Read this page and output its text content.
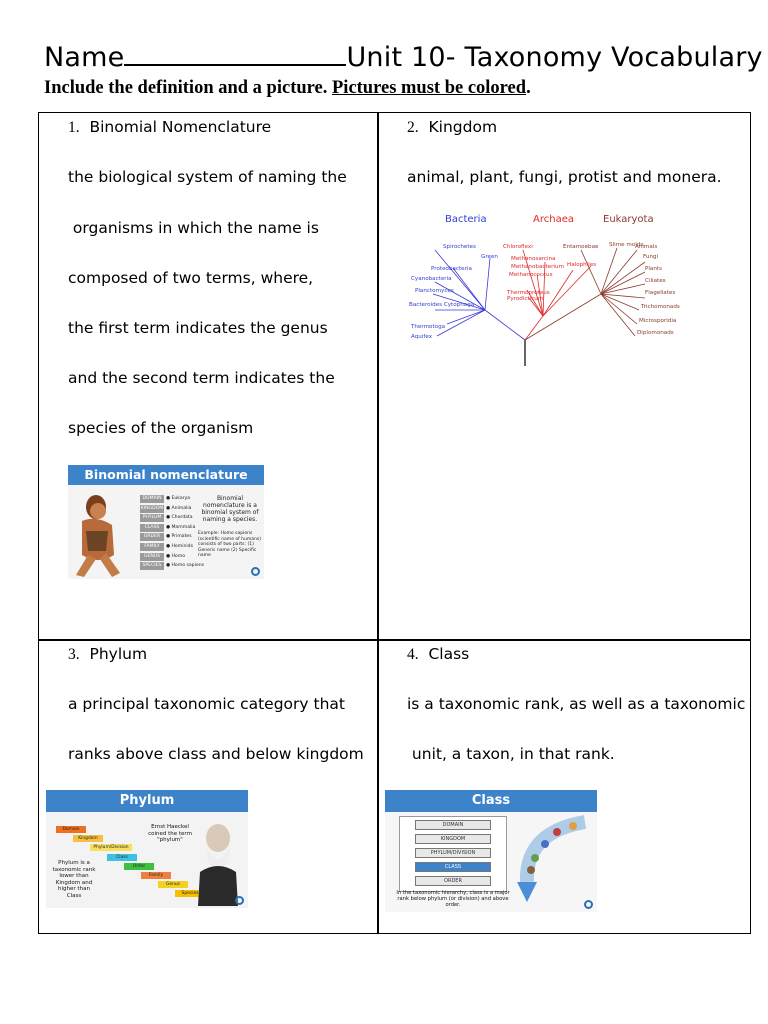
Name	Unit 10- Taxonomy Vocabulary
Include the definition and a picture. Pictures must be colored.
1. Binomial Nomenclature
the biological system of naming the
organisms in which the name is
composed of two terms, where,
the first term indicates the genus
and the second term indicates the
species of the organism
Binomial nomenclature
DOMAIN ● Eukarya
KINGDOM ● Animalia
PHYLUM ● Chordata
CLASS ● Mammalia
ORDER ● Primates
FAMILY ● Hominids
GENUS ● Homo
SPECIES ● Homo sapiens
Binomial nomenclature is a binomial system of naming a species.
Example: Homo sapiens (scientific name of humans) consists of two parts: (1) Generic name (2) Specific name
2. Kingdom
animal, plant, fungi, protist and monera.
Bacteria	Archaea	Eukaryota
Spirochetes
Green
Proteobacteria
Cyanobacteria
Planctomyces
Bacteroides Cytophaga
Thermotoga
Aquifex
Chloroflexi
Methanosarcina
Methanobacterium Halophiles
Methanococcus
Thermoproteus
Pyrodicticum
Entamoebae Slime molds
Animals
Fungi
Plants
Ciliates
Flagellates
Trichomonads
Microsporidia
Diplomonads
3. Phylum
a principal taxonomic category that
ranks above class and below kingdom
Phylum
Domain
Kingdom
Phylum/Division
Class
Order
Family
Genus
Species
Ernst Haeckel coined the term "phylum"
Phylum is a taxonomic rank lower than Kingdom and higher than Class
4. Class
is a taxonomic rank, as well as a taxonomic
unit, a taxon, in that rank.
Class
DOMAIN
KINGDOM
PHYLUM/DIVISION
CLASS
ORDER
In the taxonomic hierarchy, class is a major rank below phylum (or division) and above order.
